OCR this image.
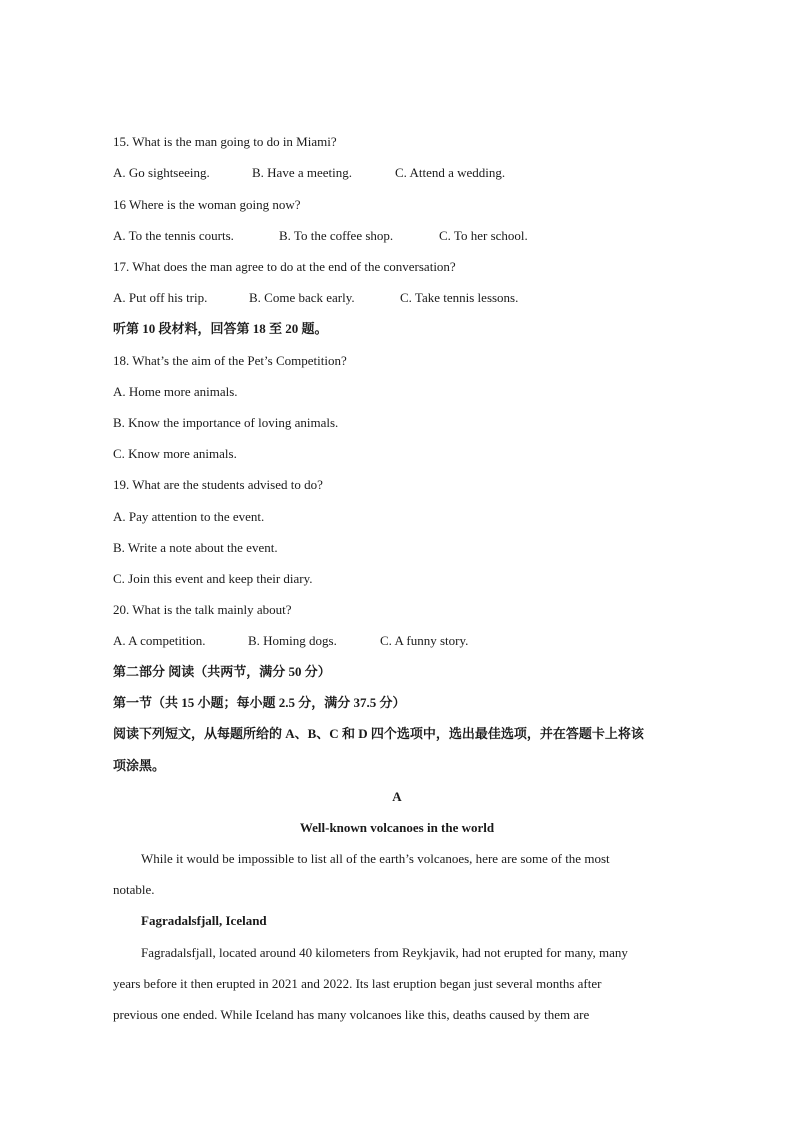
15. What is the man going to do in Miami?
A. Go sightseeing.	B. Have a meeting.	C. Attend a wedding.
16 Where is the woman going now?
A. To the tennis courts.	B. To the coffee shop.	C. To her school.
17. What does the man agree to do at the end of the conversation?
A. Put off his trip.	B. Come back early.	C. Take tennis lessons.
听第 10 段材料，回答第 18 至 20 题。
18. What’s the aim of the Pet’s Competition?
A. Home more animals.
B. Know the importance of loving animals.
C. Know more animals.
19. What are the students advised to do?
A. Pay attention to the event.
B. Write a note about the event.
C. Join this event and keep their diary.
20. What is the talk mainly about?
A. A competition.	B. Homing dogs.	C. A funny story.
第二部分 阅读（共两节，满分 50 分）
第一节（共 15 小题；每小题 2.5 分，满分 37.5 分）
阅读下列短文，从每题所给的 A、B、C 和 D 四个选项中，选出最佳选项，并在答题卡上将该
项涂黑。
A
Well-known volcanoes in the world
While it would be impossible to list all of the earth’s volcanoes, here are some of the most
notable.
Fagradalsfjall, Iceland
Fagradalsfjall, located around 40 kilometers from Reykjavik, had not erupted for many, many
years before it then erupted in 2021 and 2022. Its last eruption began just several months after
previous one ended. While Iceland has many volcanoes like this, deaths caused by them are
